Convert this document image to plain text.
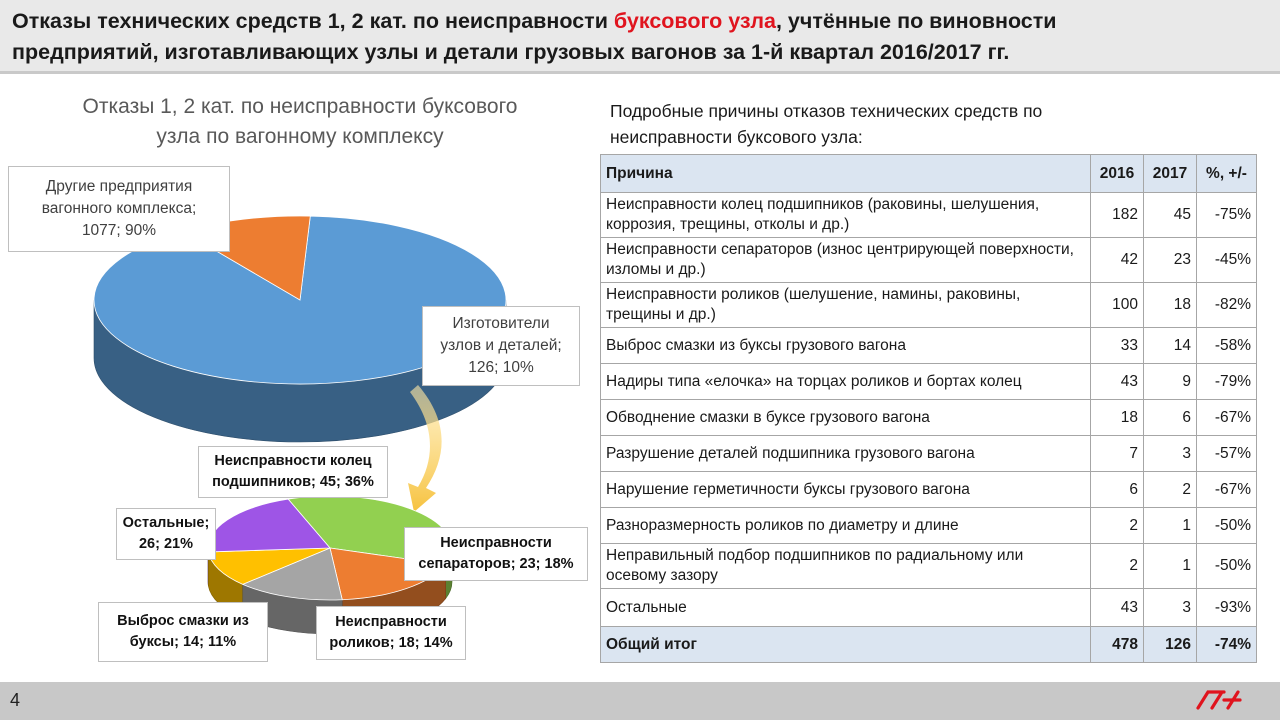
Отказы технических средств 1, 2 кат. по неисправности буксового узла, учтённые по виновности
предприятий, изготавливающих узлы и детали грузовых вагонов за 1-й квартал 2016/2017 гг.
Отказы 1, 2 кат. по неисправности буксового
узла по вагонному комплексу
Другие предприятия
вагонного комплекса;
1077; 90%
Изготовители
узлов и деталей;
126; 10%
Неисправности колец
подшипников; 45; 36%
Неисправности
сепараторов; 23; 18%
Неисправности
роликов; 18; 14%
Выброс смазки из
буксы; 14; 11%
Остальные;
26; 21%
Подробные причины отказов технических средств по
неисправности буксового узла:
Причина	2016	2017	%, +/-
Неисправности колец подшипников (раковины, шелушения, коррозия, трещины, отколы и др.)	182	45	-75%
Неисправности сепараторов (износ центрирующей поверхности, изломы и др.)	42	23	-45%
Неисправности роликов (шелушение, намины, раковины, трещины и др.)	100	18	-82%
Выброс смазки из буксы грузового вагона	33	14	-58%
Надиры типа «елочка» на торцах роликов и бортах колец	43	9	-79%
Обводнение смазки в буксе грузового вагона	18	6	-67%
Разрушение деталей подшипника грузового вагона	7	3	-57%
Нарушение герметичности буксы грузового вагона	6	2	-67%
Разноразмерность роликов по диаметру и длине	2	1	-50%
Неправильный подбор подшипников по радиальному или осевому зазору	2	1	-50%
Остальные	43	3	-93%
Общий итог	478	126	-74%
4
